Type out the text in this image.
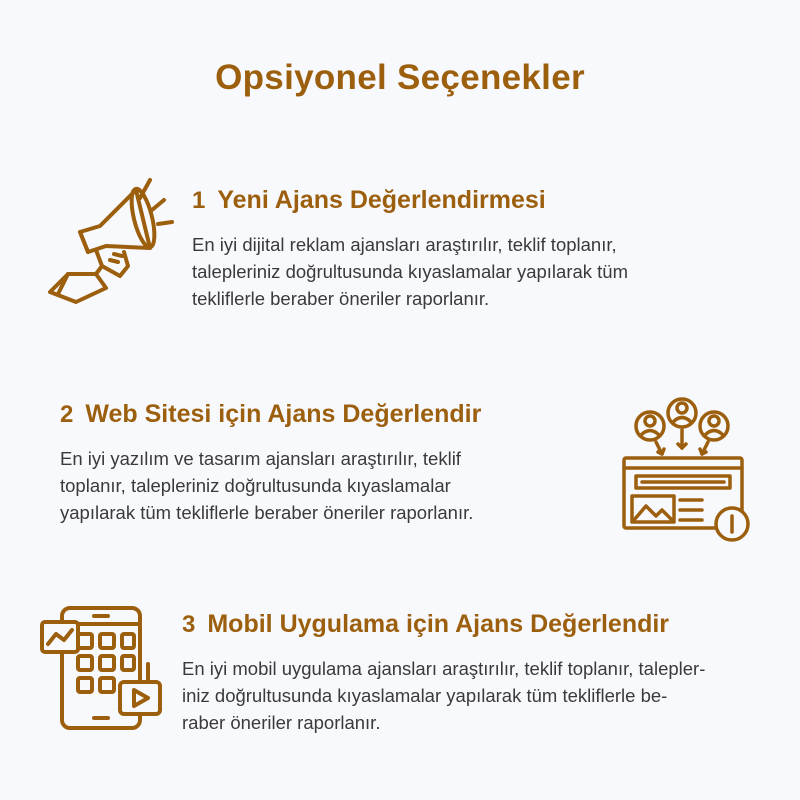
Opsiyonel Seçenekler
1 Yeni Ajans Değerlendirmesi
En iyi dijital reklam ajansları araştırılır, teklif toplanır,
talepleriniz doğrultusunda kıyaslamalar yapılarak tüm
tekliflerle beraber öneriler raporlanır.
2 Web Sitesi için Ajans Değerlendir
En iyi yazılım ve tasarım ajansları araştırılır, teklif
toplanır, talepleriniz doğrultusunda kıyaslamalar
yapılarak tüm tekliflerle beraber öneriler raporlanır.
3 Mobil Uygulama için Ajans Değerlendir
En iyi mobil uygulama ajansları araştırılır, teklif toplanır, talepler-
iniz doğrultusunda kıyaslamalar yapılarak tüm tekliflerle be-
raber öneriler raporlanır.
